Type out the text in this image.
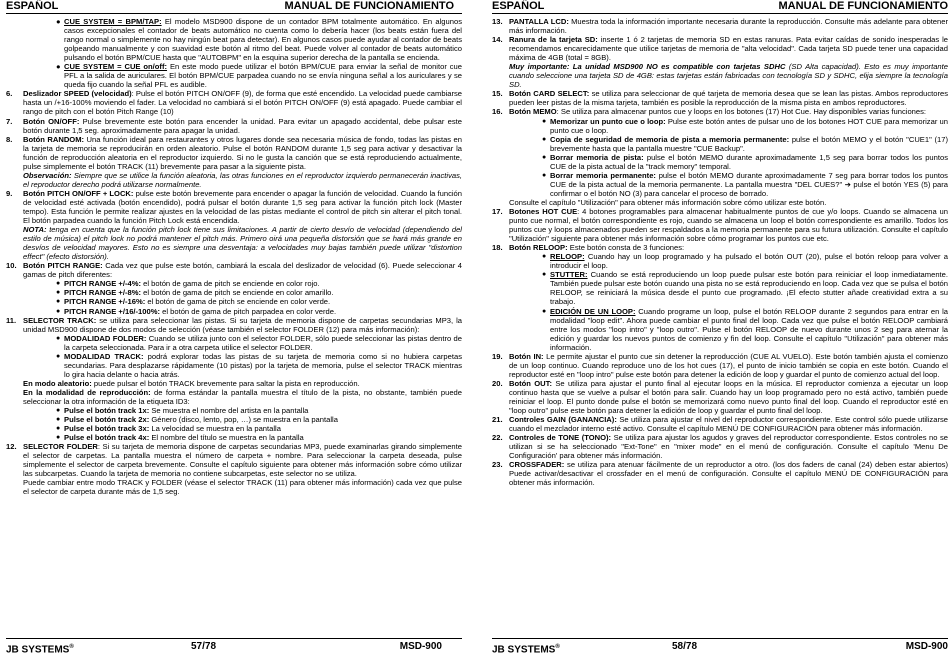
ESPAÑOL	MANUAL DE FUNCIONAMIENTO
● CUE SYSTEM = BPM/TAP: El modelo MSD900 dispone de un contador BPM totalmente automático. En algunos casos excepcionales el contador de beats automático no cuenta como lo debería hacer (los beats están fuera del rango normal o simplemente no hay ningún beat para detectar). En algunos casos puede ayudar al contador de beats golpeando manualmente y con suavidad este botón al ritmo del beat. Puede volver al contador de beats automático pulsando el botón BPM/CUE hasta que "AUTOBPM" en la esquina superior derecha de la pantalla se encienda.
● CUE SYSTEM = CUE on/off: En este modo puede utilizar el botón BPM/CUE para enviar la señal de monitor cue PFL a la salida de auriculares. El botón BPM/CUE parpadea cuando no se envía ninguna señal a los auriculares y se queda fijo cuando la señal PFL es audible.
6. Deslizador SPEED (velocidad): Pulse el botón PITCH ON/OFF (9), de forma que esté encendido. La velocidad puede cambiarse hasta un /+16-100% moviendo el fader. La velocidad no cambiará si el botón PITCH ON/OFF (9) está apagado. Puede cambiar el rango de pitch con el botón Pitch Range (10)
7. Botón ON/OFF: Pulse brevemente este botón para encender la unidad. Para evitar un apagado accidental, debe pulsar este botón durante 1,5 seg. aproximadamente para apagar la unidad.
8. Botón RANDOM: Una función ideal para restaurantes y otros lugares donde sea necesaria música de fondo, todas las pistas en la tarjeta de memoria se reproducirán en orden aleatorio. Pulse el botón RANDOM durante 1,5 seg para activar y desactivar la función de reproducción aleatoria en el reproductor izquierdo. Si no le gusta la canción que se está reproduciendo actualmente, pulse simplemente el botón TRACK (11) brevemente para pasar a la siguiente pista.
Observación: Siempre que se utilice la función aleatoria, las otras funciones en el reproductor izquierdo permanecerán inactivas, el reproductor derecho podrá utilizarse normalmente.
9. Botón PITCH ON/OFF + LOCK: pulse este botón brevemente para encender o apagar la función de velocidad. Cuando la función de velocidad esté activada (botón encendido), podrá pulsar el botón durante 1,5 seg para activar la función pitch lock (Master tempo). Esta función le permite realizar ajustes en la velocidad de las pistas mediante el control de pitch sin alterar el pitch tonal. El botón parpadea cuando la función Pitch Lock está encendida.
NOTA: tenga en cuenta que la función pitch lock tiene sus limitaciones. A partir de cierto desvío de velocidad (dependiendo del estilo de música) el pitch lock no podrá mantener el pitch más. Primero oirá una pequeña distorsión que se hará más grande en desvíos de velocidad mayores. Esto no es siempre una desventaja: a velocidades muy bajas también puede utilizar "distortion effect" (efecto distorsión).
10. Botón PITCH RANGE: Cada vez que pulse este botón, cambiará la escala del deslizador de velocidad (6). Puede seleccionar 4 gamas de pitch diferentes:
● PITCH RANGE +/-4%: el botón de gama de pitch se enciende en color rojo.
● PITCH RANGE +/-8%: el botón de gama de pitch se enciende en color amarillo.
● PITCH RANGE +/-16%: el botón de gama de pitch se enciende en color verde.
● PITCH RANGE +/16/-100%: el botón de gama de pitch parpadea en color verde.
11. SELECTOR TRACK: se utiliza para seleccionar las pistas. Si su tarjeta de memoria dispone de carpetas secundarias MP3, la unidad MSD900 dispone de dos modos de selección (véase también el selector FOLDER (12) para más información):
● MODALIDAD FOLDER: Cuando se utiliza junto con el selector FOLDER, sólo puede seleccionar las pistas dentro de la carpeta seleccionada. Para ir a otra carpeta utilice el selector FOLDER.
● MODALIDAD TRACK: podrá explorar todas las pistas de su tarjeta de memoria como si no hubiera carpetas secundarias. Para desplazarse rápidamente (10 pistas) por la tarjeta de memoria, pulse el selector TRACK mientras lo gira hacia delante o hacia atrás.
En modo aleatorio: puede pulsar el botón TRACK brevemente para saltar la pista en reproducción.
En la modalidad de reproducción: de forma estándar la pantalla muestra el título de la pista, no obstante, también puede seleccionar la otra información de la etiqueta ID3:
● Pulse el botón track 1x: Se muestra el nombre del artista en la pantalla
● Pulse el botón track 2x: Género (disco, lento, pop, …) se muestra en la pantalla
● Pulse el botón track 3x: La velocidad se muestra en la pantalla
● Pulse el botón track 4x: El nombre del título se muestra en la pantalla
12. SELECTOR FOLDER: Si su tarjeta de memoria dispone de carpetas secundarias MP3, puede examinarlas girando simplemente el selector de carpetas. La pantalla muestra el número de carpeta + nombre. Para seleccionar la carpeta deseada, pulse simplemente el selector de carpeta brevemente. Consulte el capítulo siguiente para obtener más información sobre cómo utilizar las subcarpetas. Cuando la tarjeta de memoria no contiene subcarpetas, este selector no se utiliza.
Puede cambiar entre modo TRACK y FOLDER (véase el selector TRACK (11) para obtener más información) cada vez que pulse el selector de carpeta durante más de 1,5 seg.
JB SYSTEMS®	57/78	MSD-900
ESPAÑOL	MANUAL DE FUNCIONAMIENTO
13. PANTALLA LCD: Muestra toda la información importante necesaria durante la reproducción. Consulte más adelante para obtener más información.
14. Ranura de la tarjeta SD: inserte 1 ó 2 tarjetas de memoria SD en estas ranuras. Pata evitar caídas de sonido inesperadas le recomendamos encarecidamente que utilice tarjetas de memoria de "alta velocidad". Cada tarjeta SD puede tener una capacidad máxima de 4GB (total = 8GB).
Muy importante: La unidad MSD900 NO es compatible con tarjetas SDHC (SD Alta capacidad). Esto es muy importante cuando seleccione una tarjeta SD de 4GB: estas tarjetas están fabricadas con tecnología SD y SDHC, elija siempre la tecnología SD.
15. Botón CARD SELECT: se utiliza para seleccionar de qué tarjeta de memoria desea que se lean las pistas. Ambos reproductores pueden leer pistas de la misma tarjeta, también es posible la reproducción de la misma pista en ambos reproductores.
16. Botón MEMO: Se utiliza para almacenar puntos cue y loops en los botones (17) Hot Cue. Hay disponibles varias funciones:
● Memorizar un punto cue o loop: Pulse este botón antes de pulsar uno de los botones HOT CUE para memorizar un punto cue o loop.
● Copia de seguridad de memoria de pista a memoria permanente: pulse el botón MEMO y el botón "CUE1" (17) brevemente hasta que la pantalla muestre "CUE Backup".
● Borrar memoria de pista: pulse el botón MEMO durante aproximadamente 1,5 seg para borrar todos los puntos CUE de la pista actual de la "track memory" temporal.
● Borrar memoria permanente: pulse el botón MEMO durante aproximadamente 7 seg para borrar todos los puntos CUE de la pista actual de la memoria permanente. La pantalla muestra "DEL CUES?" ➔ pulse el botón YES (5) para confirmar o el botón NO (3) para cancelar el proceso de borrado.
Consulte el capítulo "Utilización" para obtener más información sobre cómo utilizar este botón.
17. Botones HOT CUE: 4 botones programables para almacenar habitualmente puntos de cue y/o loops. Cuando se almacena un punto cue normal, el botón correspondiente es rojo, cuando se almacena un loop el botón correspondiente es amarillo. Todos los puntos cue y loops almacenados pueden ser respaldados a la memoria permanente para su futura utilización. Consulte el capítulo "Utilización" siguiente para obtener más información sobre cómo programar los puntos cue etc.
18. Botón RELOOP: Este botón consta de 3 funciones:
● RELOOP: Cuando hay un loop programado y ha pulsado el botón OUT (20), pulse el botón reloop para volver a introducir el loop.
● STUTTER: Cuando se está reproduciendo un loop puede pulsar este botón para reiniciar el loop inmediatamente. También puede pulsar este botón cuando una pista no se está reproduciendo en loop. Cada vez que se pulsa el botón RELOOP, se reiniciará la música desde el punto cue programado. ¡El efecto stutter añade creatividad extra a su trabajo.
● EDICIÓN DE UN LOOP: Cuando programe un loop, pulse el botón RELOOP durante 2 segundos para entrar en la modalidad "loop edit". Ahora puede cambiar el punto final del loop. Cada vez que pulse el botón RELOOP cambiará entre los modos "loop intro" y "loop outro". Pulse el botón RELOOP de nuevo durante unos 2 seg para aternar la edición y guardar los nuevos puntos de comienzo y fin del loop. Consulte el capítulo "Utilización" para obtener más información.
19. Botón IN: Le permite ajustar el punto cue sin detener la reproducción (CUE AL VUELO). Este botón también ajusta el comienzo de un loop continuo. Cuando reproduce uno de los hot cues (17), el punto de inicio también se copia en este botón. Cuando el reproductor esté en "loop intro" pulse este botón para detener la edición de loop y guardar el punto de comienzo actual del loop.
20. Botón OUT: Se utiliza para ajustar el punto final al ejecutar loops en la música. El reproductor comienza a ejecutar un loop continuo hasta que se vuelve a pulsar el botón para salir. Cuando hay un loop programado pero no está activo, también puede reiniciar el loop. El punto donde pulse el botón se memorizará como nuevo punto final del loop. Cuando el reproductor esté en "loop outro" pulse este botón para detener la edición de loop y guardar el punto final del loop.
21. Controles GAIN (GANANCIA): Se utiliza para ajustar el nivel del reproductor correspondiente. Este control sólo puede utilizarse cuando el mezclador interno esté activo. Consulte el capítulo MENÚ DE CONFIGURACIÓN para obtener más información.
22. Controles de TONE (TONO): Se utiliza para ajustar los agudos y graves del reproductor correspondiente. Estos controles no se utilizan si se ha seleccionado "Ext-Tone" en "mixer mode" en el menú de configuración. Consulte el capítulo 'Menu De Configuración' para obtener más información.
23. CROSSFADER: se utiliza para atenuar fácilmente de un reproductor a otro. (los dos faders de canal (24) deben estar abiertos) Puede activar/desactivar el crossfader en el menú de configuración. Consulte el capítulo MENÚ DE CONFIGURACIÓN para obtener más información.
JB SYSTEMS®	58/78	MSD-900
